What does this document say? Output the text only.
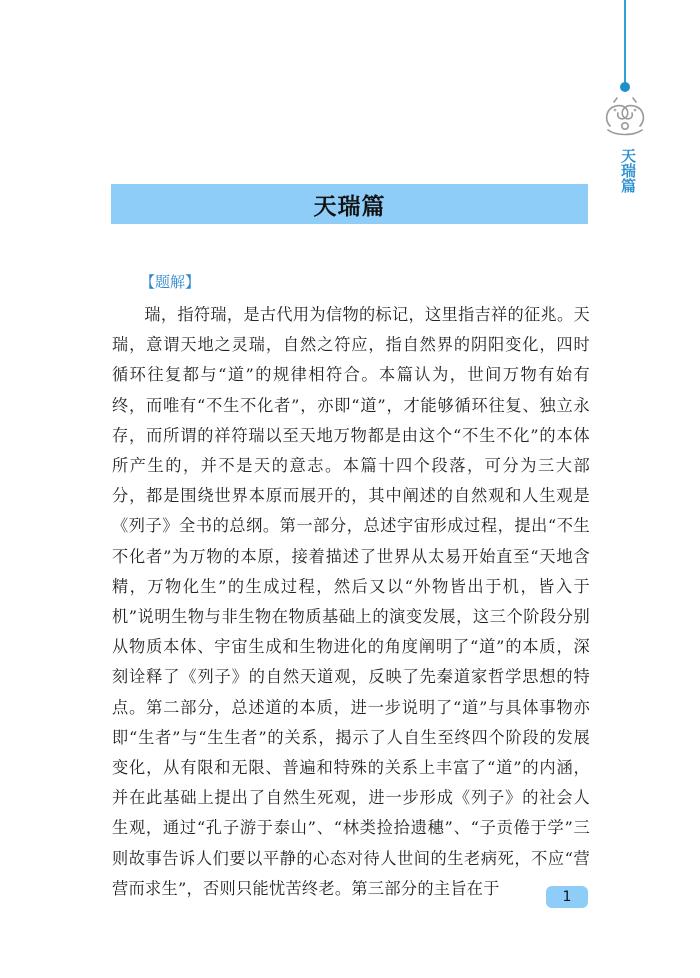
天瑞篇
天瑞篇
【题解】

瑞，指符瑞，是古代用为信物的标记，这里指吉祥的征兆。天瑞，意谓天地之灵瑞，自然之符应，指自然界的阴阳变化，四时循环往复都与“道”的规律相符合。本篇认为，世间万物有始有终，而唯有“不生不化者”，亦即“道”，才能够循环往复、独立永存，而所谓的祥符瑞以至天地万物都是由这个“不生不化”的本体所产生的，并不是天的意志。本篇十四个段落，可分为三大部分，都是围绕世界本原而展开的，其中阐述的自然观和人生观是《列子》全书的总纲。第一部分，总述宇宙形成过程，提出“不生不化者”为万物的本原，接着描述了世界从太易开始直至“天地含精，万物化生”的生成过程，然后又以“外物皆出于机，皆入于机”说明生物与非生物在物质基础上的演变发展，这三个阶段分别从物质本体、宇宙生成和生物进化的角度阐明了“道”的本质，深刻诠释了《列子》的自然天道观，反映了先秦道家哲学思想的特点。第二部分，总述道的本质，进一步说明了“道”与具体事物亦即“生者”与“生生者”的关系，揭示了人自生至终四个阶段的发展变化，从有限和无限、普遍和特殊的关系上丰富了“道”的内涵，并在此基础上提出了自然生死观，进一步形成《列子》的社会人生观，通过“孔子游于泰山”、“林类捡拾遗穗”、“子贡倦于学”三则故事告诉人们要以平静的心态对待人世间的生老病死，不应“营营而求生”，否则只能忧苦终老。第三部分的主旨在于	1
